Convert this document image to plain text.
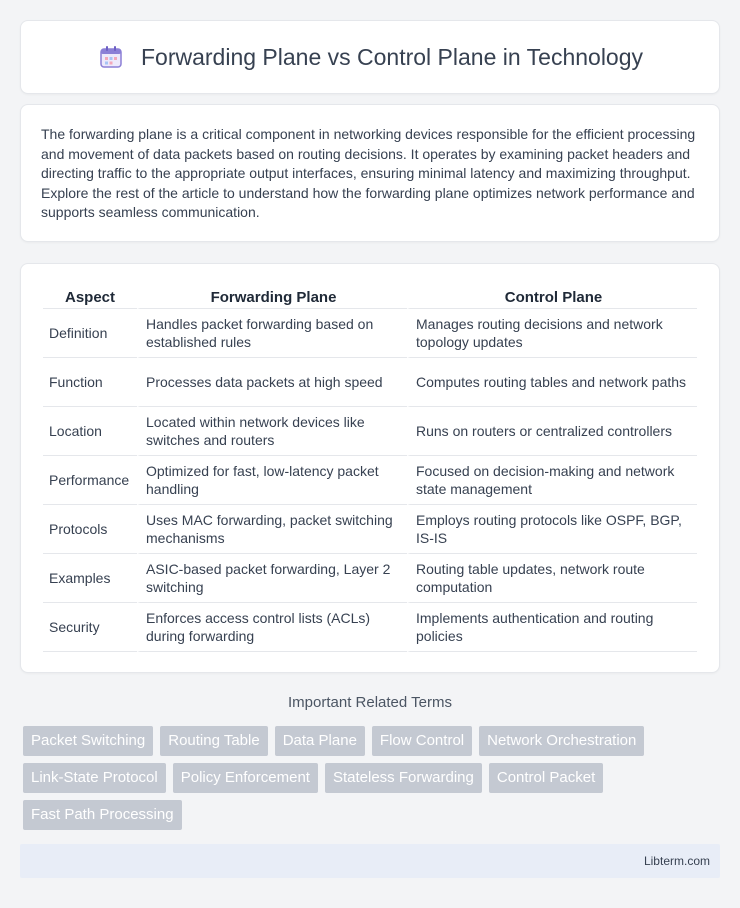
Forwarding Plane vs Control Plane in Technology

The forwarding plane is a critical component in networking devices responsible for the efficient processing and movement of data packets based on routing decisions. It operates by examining packet headers and directing traffic to the appropriate output interfaces, ensuring minimal latency and maximizing throughput. Explore the rest of the article to understand how the forwarding plane optimizes network performance and supports seamless communication.

Aspect	Forwarding Plane	Control Plane
Definition	Handles packet forwarding based on established rules	Manages routing decisions and network topology updates
Function	Processes data packets at high speed	Computes routing tables and network paths
Location	Located within network devices like switches and routers	Runs on routers or centralized controllers
Performance	Optimized for fast, low-latency packet handling	Focused on decision-making and network state management
Protocols	Uses MAC forwarding, packet switching mechanisms	Employs routing protocols like OSPF, BGP, IS-IS
Examples	ASIC-based packet forwarding, Layer 2 switching	Routing table updates, network route computation
Security	Enforces access control lists (ACLs) during forwarding	Implements authentication and routing policies
Important Related Terms
Packet Switching	Routing Table	Data Plane	Flow Control	Network Orchestration
Link-State Protocol	Policy Enforcement	Stateless Forwarding	Control Packet
Fast Path Processing
Libterm.com
